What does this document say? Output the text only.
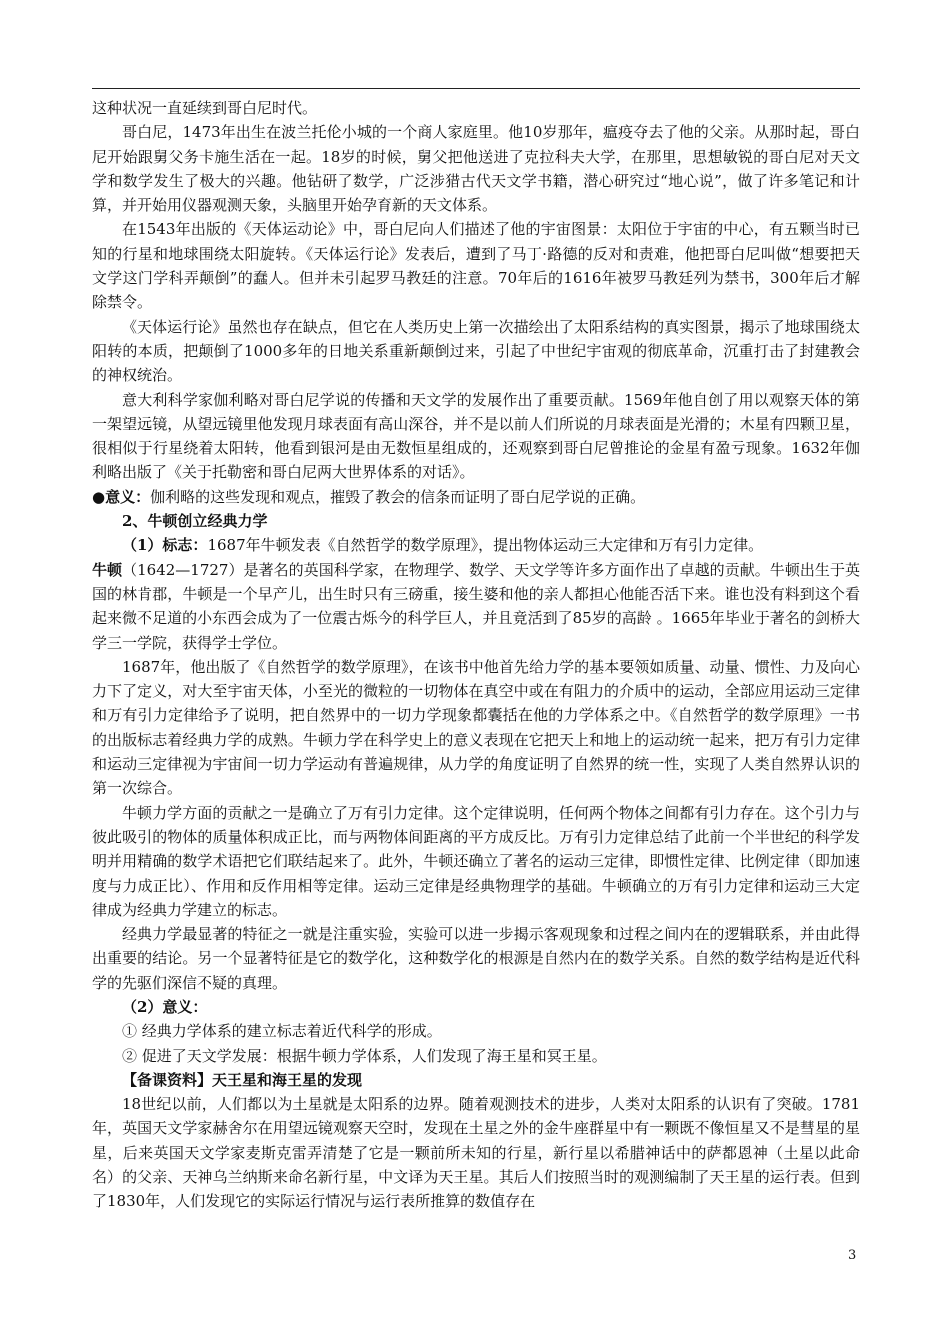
这种状况一直延续到哥白尼时代。

哥白尼，1473年出生在波兰托伦小城的一个商人家庭里。他10岁那年，瘟疫夺去了他的父亲。从那时起，哥白尼开始跟舅父务卡施生活在一起。18岁的时候，舅父把他送进了克拉科夫大学，在那里，思想敏锐的哥白尼对天文学和数学发生了极大的兴趣。他钻研了数学，广泛涉猎古代天文学书籍，潜心研究过“地心说”，做了许多笔记和计算，并开始用仪器观测天象，头脑里开始孕育新的天文体系。

在1543年出版的《天体运动论》中，哥白尼向人们描述了他的宇宙图景：太阳位于宇宙的中心，有五颗当时已知的行星和地球围绕太阳旋转。《天体运行论》发表后，遭到了马丁·路德的反对和责难，他把哥白尼叫做“想要把天文学这门学科弄颠倒”的蠢人。但并未引起罗马教廷的注意。70年后的1616年被罗马教廷列为禁书，300年后才解除禁令。

《天体运行论》虽然也存在缺点，但它在人类历史上第一次描绘出了太阳系结构的真实图景，揭示了地球围绕太阳转的本质，把颠倒了1000多年的日地关系重新颠倒过来，引起了中世纪宇宙观的彻底革命，沉重打击了封建教会的神权统治。

意大利科学家伽利略对哥白尼学说的传播和天文学的发展作出了重要贡献。1569年他自创了用以观察天体的第一架望远镜，从望远镜里他发现月球表面有高山深谷，并不是以前人们所说的月球表面是光滑的；木星有四颗卫星，很相似于行星绕着太阳转，他看到银河是由无数恒星组成的，还观察到哥白尼曾推论的金星有盈亏现象。1632年伽利略出版了《关于托勒密和哥白尼两大世界体系的对话》。

●意义：伽利略的这些发现和观点，摧毁了教会的信条而证明了哥白尼学说的正确。

2、牛顿创立经典力学

（1）标志：1687年牛顿发表《自然哲学的数学原理》，提出物体运动三大定律和万有引力定律。

牛顿（1642—1727）是著名的英国科学家，在物理学、数学、天文学等许多方面作出了卓越的贡献。牛顿出生于英国的林肯郡，牛顿是一个早产儿，出生时只有三磅重，接生婆和他的亲人都担心他能否活下来。谁也没有料到这个看起来微不足道的小东西会成为了一位震古烁今的科学巨人，并且竟活到了85岁的高龄 。1665年毕业于著名的剑桥大学三一学院，获得学士学位。

1687年，他出版了《自然哲学的数学原理》，在该书中他首先给力学的基本要领如质量、动量、惯性、力及向心力下了定义，对大至宇宙天体，小至光的微粒的一切物体在真空中或在有阻力的介质中的运动，全部应用运动三定律和万有引力定律给予了说明，把自然界中的一切力学现象都囊括在他的力学体系之中。《自然哲学的数学原理》一书的出版标志着经典力学的成熟。牛顿力学在科学史上的意义表现在它把天上和地上的运动统一起来，把万有引力定律和运动三定律视为宇宙间一切力学运动有普遍规律，从力学的角度证明了自然界的统一性，实现了人类自然界认识的第一次综合。

牛顿力学方面的贡献之一是确立了万有引力定律。这个定律说明，任何两个物体之间都有引力存在。这个引力与彼此吸引的物体的质量体积成正比，而与两物体间距离的平方成反比。万有引力定律总结了此前一个半世纪的科学发明并用精确的数学术语把它们联结起来了。此外，牛顿还确立了著名的运动三定律，即惯性定律、比例定律（即加速度与力成正比）、作用和反作用相等定律。运动三定律是经典物理学的基础。牛顿确立的万有引力定律和运动三大定律成为经典力学建立的标志。

经典力学最显著的特征之一就是注重实验，实验可以进一步揭示客观现象和过程之间内在的逻辑联系，并由此得出重要的结论。另一个显著特征是它的数学化，这种数学化的根源是自然内在的数学关系。自然的数学结构是近代科学的先驱们深信不疑的真理。

（2）意义：

① 经典力学体系的建立标志着近代科学的形成。

② 促进了天文学发展：根据牛顿力学体系，人们发现了海王星和冥王星。

【备课资料】天王星和海王星的发现

18世纪以前，人们都以为土星就是太阳系的边界。随着观测技术的进步，人类对太阳系的认识有了突破。1781年，英国天文学家赫舍尔在用望远镜观察天空时，发现在土星之外的金牛座群星中有一颗既不像恒星又不是彗星的星星，后来英国天文学家麦斯克雷弄清楚了它是一颗前所未知的行星，新行星以希腊神话中的萨都恩神（土星以此命名）的父亲、天神乌兰纳斯来命名新行星，中文译为天王星。其后人们按照当时的观测编制了天王星的运行表。但到了1830年，人们发现它的实际运行情况与运行表所推算的数值存在

3
